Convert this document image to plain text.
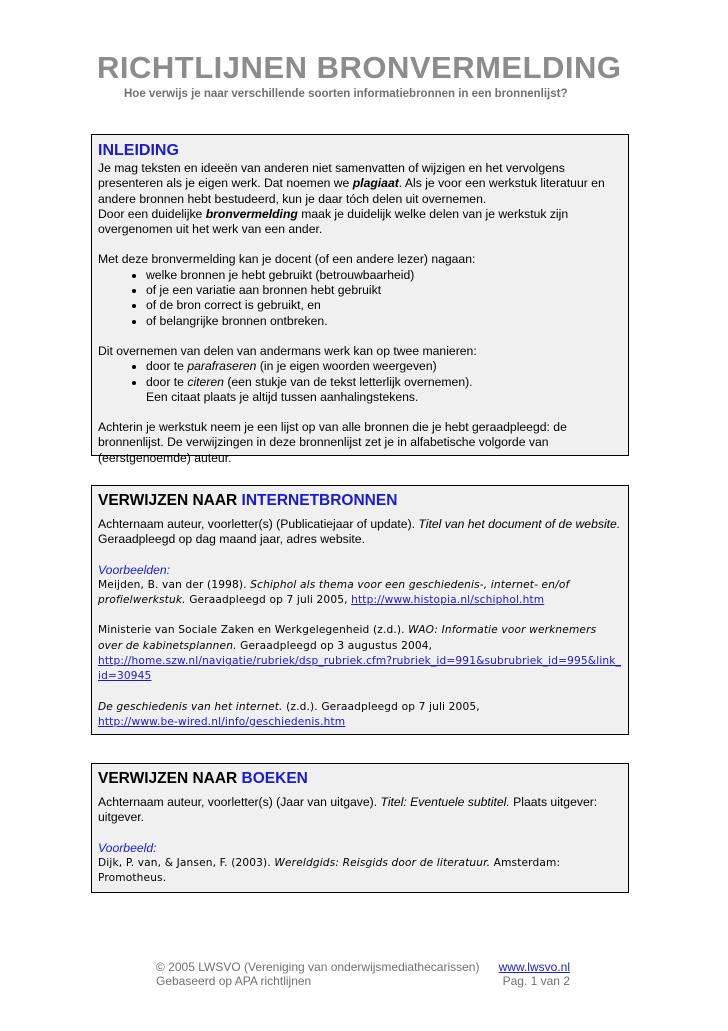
RICHTLIJNEN BRONVERMELDING
Hoe verwijs je naar verschillende soorten informatiebronnen in een bronnenlijst?
INLEIDING

Je mag teksten en ideeën van anderen niet samenvatten of wijzigen en het vervolgens presenteren als je eigen werk. Dat noemen we plagiaat. Als je voor een werkstuk literatuur en andere bronnen hebt bestudeerd, kun je daar tóch delen uit overnemen.

Door een duidelijke bronvermelding maak je duidelijk welke delen van je werkstuk zijn overgenomen uit het werk van een ander.

Met deze bronvermelding kan je docent (of een andere lezer) nagaan:

• welke bronnen je hebt gebruikt (betrouwbaarheid)
• of je een variatie aan bronnen hebt gebruikt
• of de bron correct is gebruikt, en
• of belangrijke bronnen ontbreken.

Dit overnemen van delen van andermans werk kan op twee manieren:

• door te parafraseren (in je eigen woorden weergeven)
• door te citeren (een stukje van de tekst letterlijk overnemen).
Een citaat plaats je altijd tussen aanhalingstekens.

Achterin je werkstuk neem je een lijst op van alle bronnen die je hebt geraadpleegd: de bronnenlijst. De verwijzingen in deze bronnenlijst zet je in alfabetische volgorde van (eerstgenoemde) auteur.

VERWIJZEN NAAR INTERNETBRONNEN

Achternaam auteur, voorletter(s) (Publicatiejaar of update). Titel van het document of de website. Geraadpleegd op dag maand jaar, adres website.

Voorbeelden:

Meijden, B. van der (1998). Schiphol als thema voor een geschiedenis-, internet- en/of profielwerkstuk. Geraadpleegd op 7 juli 2005, http://www.histopia.nl/schiphol.htm

Ministerie van Sociale Zaken en Werkgelegenheid (z.d.). WAO: Informatie voor werknemers over de kabinetsplannen. Geraadpleegd op 3 augustus 2004,
http://home.szw.nl/navigatie/rubriek/dsp_rubriek.cfm?rubriek_id=991&subrubriek_id=995&link_id=30945

De geschiedenis van het internet. (z.d.). Geraadpleegd op 7 juli 2005,
http://www.be-wired.nl/info/geschiedenis.htm

VERWIJZEN NAAR BOEKEN

Achternaam auteur, voorletter(s) (Jaar van uitgave). Titel: Eventuele subtitel. Plaats uitgever: uitgever.

Voorbeeld:

Dijk, P. van, & Jansen, F. (2003). Wereldgids: Reisgids door de literatuur. Amsterdam: Promotheus.

© 2005 LWSVO (Vereniging van onderwijsmediathecarissen) www.lwsvo.nl
Gebaseerd op APA richtlijnen	Pag. 1 van 2
